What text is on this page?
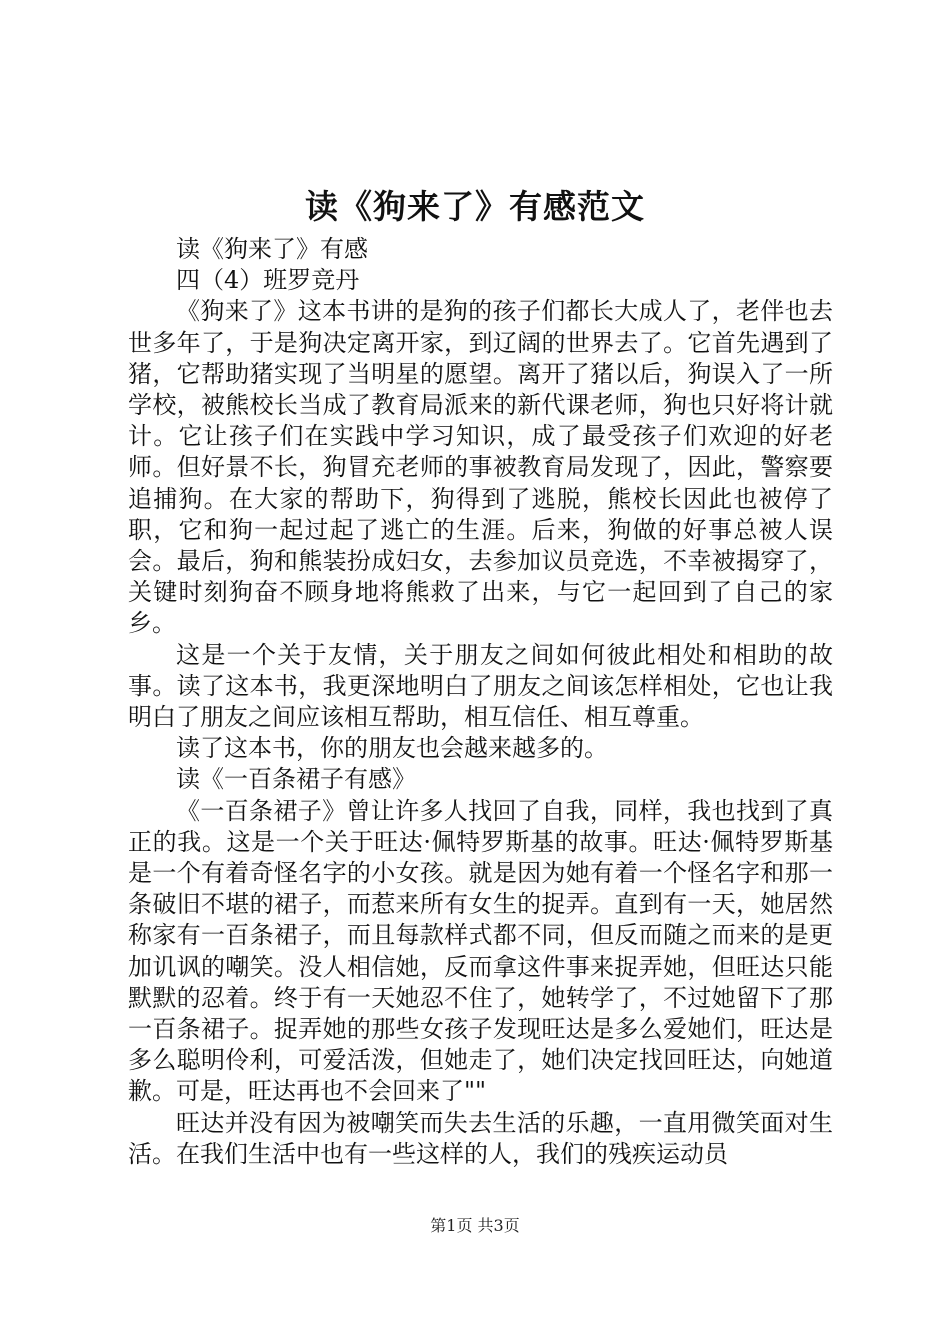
读《狗来了》有感范文

读《狗来了》有感

四（4）班罗竞丹

《狗来了》这本书讲的是狗的孩子们都长大成人了，老伴也去世多年了，于是狗决定离开家，到辽阔的世界去了。它首先遇到了猪，它帮助猪实现了当明星的愿望。离开了猪以后，狗误入了一所学校，被熊校长当成了教育局派来的新代课老师，狗也只好将计就计。它让孩子们在实践中学习知识，成了最受孩子们欢迎的好老师。但好景不长，狗冒充老师的事被教育局发现了，因此，警察要追捕狗。在大家的帮助下，狗得到了逃脱，熊校长因此也被停了职，它和狗一起过起了逃亡的生涯。后来，狗做的好事总被人误会。最后，狗和熊装扮成妇女，去参加议员竞选，不幸被揭穿了，关键时刻狗奋不顾身地将熊救了出来，与它一起回到了自己的家乡。

这是一个关于友情，关于朋友之间如何彼此相处和相助的故事。读了这本书，我更深地明白了朋友之间该怎样相处，它也让我明白了朋友之间应该相互帮助，相互信任、相互尊重。

读了这本书，你的朋友也会越来越多的。

读《一百条裙子有感》

《一百条裙子》曾让许多人找回了自我，同样，我也找到了真正的我。这是一个关于旺达·佩特罗斯基的故事。旺达·佩特罗斯基是一个有着奇怪名字的小女孩。就是因为她有着一个怪名字和那一条破旧不堪的裙子，而惹来所有女生的捉弄。直到有一天，她居然称家有一百条裙子，而且每款样式都不同，但反而随之而来的是更加讥讽的嘲笑。没人相信她，反而拿这件事来捉弄她，但旺达只能默默的忍着。终于有一天她忍不住了，她转学了，不过她留下了那一百条裙子。捉弄她的那些女孩子发现旺达是多么爱她们，旺达是多么聪明伶利，可爱活泼，但她走了，她们决定找回旺达，向她道歉。可是，旺达再也不会回来了""

旺达并没有因为被嘲笑而失去生活的乐趣，一直用微笑面对生活。在我们生活中也有一些这样的人，我们的残疾运动员

第1页 共3页
